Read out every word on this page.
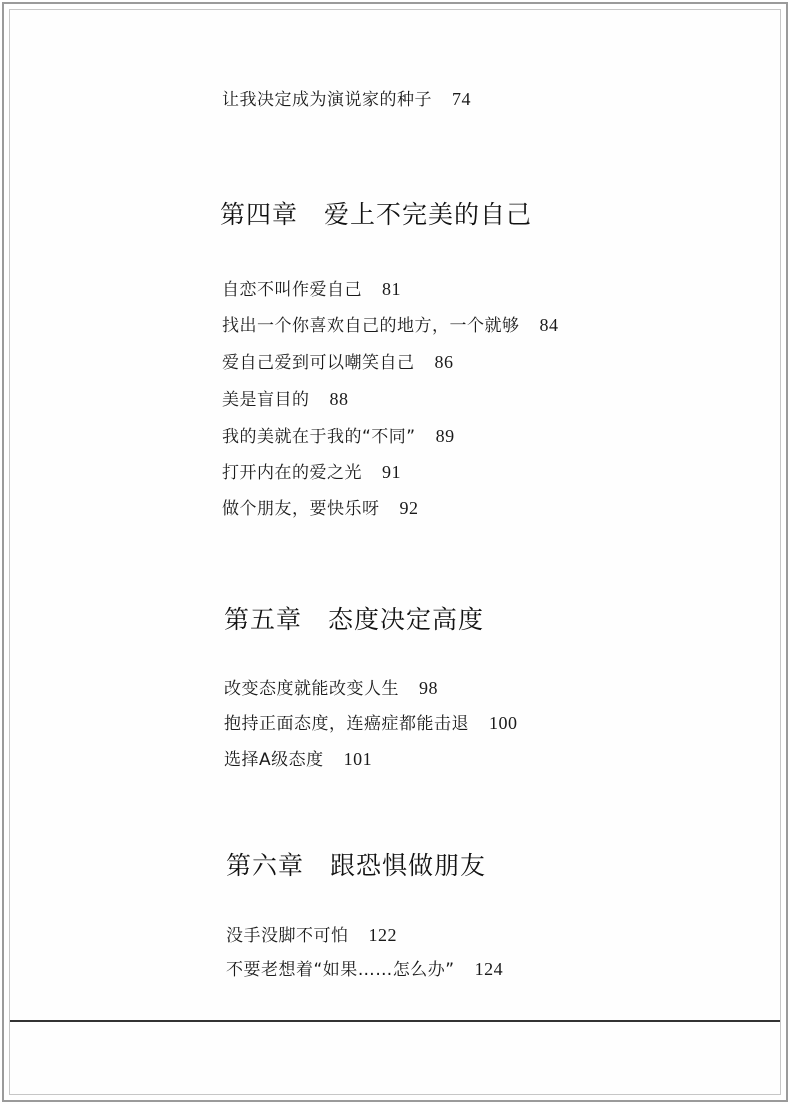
让我决定成为演说家的种子 74
第四章 爱上不完美的自己
自恋不叫作爱自己 81
找出一个你喜欢自己的地方，一个就够 84
爱自己爱到可以嘲笑自己 86
美是盲目的 88
我的美就在于我的“不同” 89
打开内在的爱之光 91
做个朋友，要快乐呀 92
第五章 态度决定高度
改变态度就能改变人生 98
抱持正面态度，连癌症都能击退 100
选择A级态度 101
第六章 跟恐惧做朋友
没手没脚不可怕 122
不要老想着“如果……怎么办” 124
